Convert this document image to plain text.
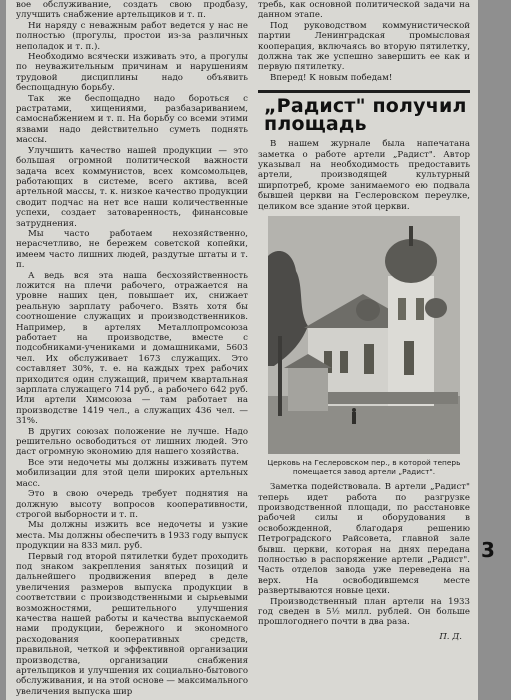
вое обслуживание, создать свою продбазу, улучшить снабжение артельщиков и т. п.

Ни наряду с неважным работ ведется у нас не полностью (прогулы, простои из-за различных неполадок и т. п.).

Необходимо всячески изживать это, а прогулы по неуважительным причинам и нарушениям трудовой дисциплины надо объявить беспощадную борьбу.

Так же беспощадно надо бороться с растратами, хищениями, разбазариванием, самоснабжением и т. п. На борьбу со всеми этими язвами надо действительно суметь поднять массы.

Улучшить качество нашей продукции — это большая огромной политической важности задача всех коммунистов, всех комсомольцев, работающих в системе, всего актива, всей артельной массы, т. к. низкое качество продукции сводит подчас на нет все наши количественные успехи, создает затоваренность, финансовые затруднения.

Мы часто работаем нехозяйственно, нерасчетливо, не бережем советской копейки, имеем часто лишних людей, раздутые штаты и т. п.

А ведь вся эта наша бесхозяйственность ложится на плечи рабочего, отражается на уровне наших цен, повышает их, снижает реальную зарплату рабочего. Взять хотя бы соотношение служащих и производственников. Например, в артелях Металлопромсоюза работает на производстве, вместе с подсобниками-учениками и домашниками, 5603 чел. Их обслуживает 1673 служащих. Это составляет 30%, т. е. на каждых трех рабочих приходится один служащий, причем квартальная зарплата служащего 714 руб., а рабочего 642 руб. Или артели Химсоюза — там работает на производстве 1419 чел., а служащих 436 чел. — 31%.

В других союзах положение не лучше. Надо решительно освободиться от лишних людей. Это даст огромную экономию для нашего хозяйства.

Все эти недочеты мы должны изживать путем мобилизации для этой цели широких артельных масс.

Это в свою очередь требует поднятия на должную высоту вопросов кооперативности, строгой выборности и т. п.

Мы должны изжить все недочеты и узкие места. Мы должны обеспечить в 1933 году выпуск продукции на 833 мил. руб.

Первый год второй пятилетки будет проходить под знаком закрепления занятых позиций и дальнейшего продвижения вперед в деле увеличения размеров выпуска продукции в соответствии с производственными и сырьевыми возможностями, решительного улучшения качества нашей работы и качества выпускаемой нами продукции, бережного и экономного расходования кооперативных средств, правильной, четкой и эффективной организации производства, организации снабжения артельщиков и улучшения их социально-бытового обслуживания, и на этой основе — максимального увеличения выпуска шир

требь, как основной политической задачи на данном этапе.

Под руководством коммунистической партии Ленинградская промысловая кооперация, включаясь во вторую пятилетку, должна так же успешно завершить ее как и первую пятилетку.

Вперед! К новым победам!

„Радист" получил площадь

В нашем журнале была напечатана заметка о работе артели „Радист". Автор указывал на необходимость предоставить артели, производящей культурный ширпотреб, кроме занимаемого ею подвала бывшей церкви на Геслеровском переулке, целиком все здание этой церкви.

Церковь на Геслеровском пер., в которой теперь помещается завод артели „Радист".

Заметка подействовала. В артели „Радист" теперь идет работа по разгрузке производственной площади, по расстановке рабочей силы и оборудования в освобожденной, благодаря решению Петроградского Райсовета, главной зале бывш. церкви, которая на днях передана полностью в распоряжение артели „Радист". Часть отделов завода уже переведена на верх. На освободившемся месте развертываются новые цехи.

Производственный план артели на 1933 год сведен в 5½ милл. рублей. Он больше прошлогоднего почти в два раза.

П. Д.
3
